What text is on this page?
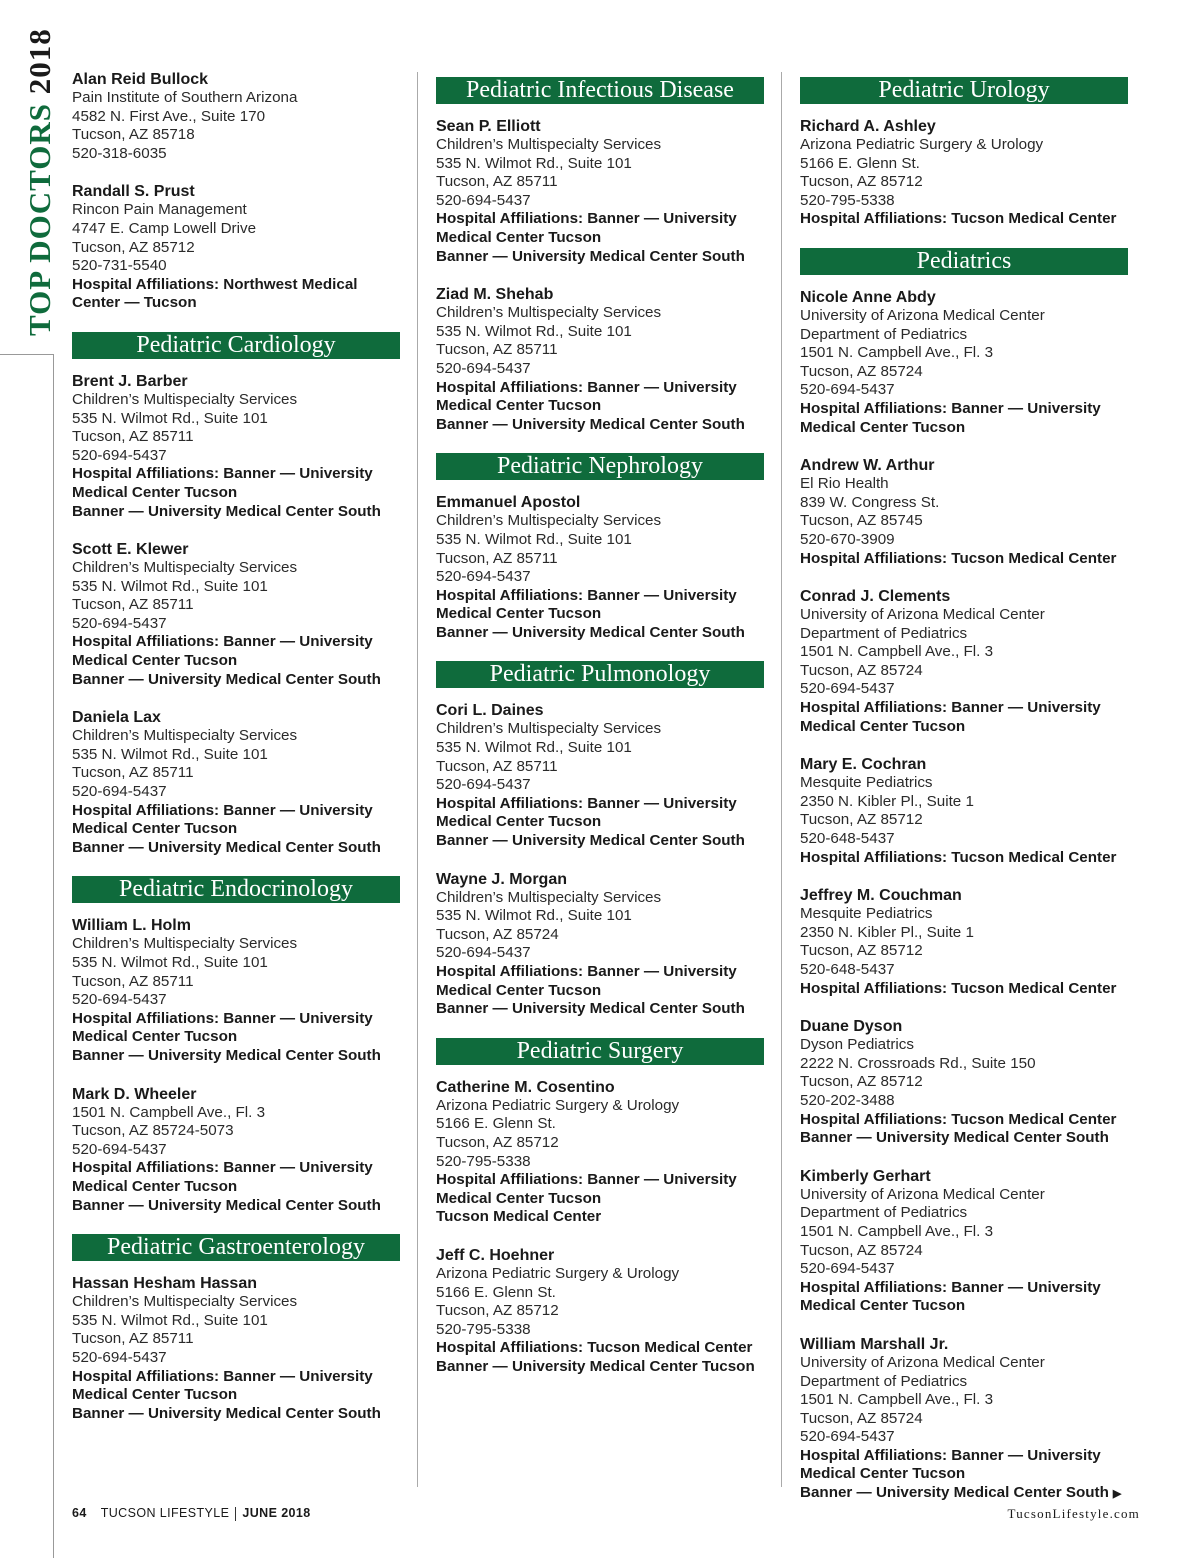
TOP DOCTORS 2018 Alan Reid Bullock
Pain Institute of Southern Arizona
4582 N. First Ave., Suite 170
Tucson, AZ 85718
520-318-6035
Randall S. Prust
Rincon Pain Management
4747 E. Camp Lowell Drive
Tucson, AZ 85712
520-731-5540
Hospital Affiliations: Northwest Medical
Center — Tucson
Pediatric Cardiology
Brent J. Barber
Children’s Multispecialty Services
535 N. Wilmot Rd., Suite 101
Tucson, AZ 85711
520-694-5437
Hospital Affiliations: Banner — University
Medical Center Tucson
Banner — University Medical Center South
Scott E. Klewer
Children’s Multispecialty Services
535 N. Wilmot Rd., Suite 101
Tucson, AZ 85711
520-694-5437
Hospital Affiliations: Banner — University
Medical Center Tucson
Banner — University Medical Center South
Daniela Lax
Children’s Multispecialty Services
535 N. Wilmot Rd., Suite 101
Tucson, AZ 85711
520-694-5437
Hospital Affiliations: Banner — University
Medical Center Tucson
Banner — University Medical Center South
Pediatric Endocrinology
William L. Holm
Children’s Multispecialty Services
535 N. Wilmot Rd., Suite 101
Tucson, AZ 85711
520-694-5437
Hospital Affiliations: Banner — University
Medical Center Tucson
Banner — University Medical Center South
Mark D. Wheeler
1501 N. Campbell Ave., Fl. 3
Tucson, AZ 85724-5073
520-694-5437
Hospital Affiliations: Banner — University
Medical Center Tucson
Banner — University Medical Center South
Pediatric Gastroenterology
Hassan Hesham Hassan
Children’s Multispecialty Services
535 N. Wilmot Rd., Suite 101
Tucson, AZ 85711
520-694-5437
Hospital Affiliations: Banner — University
Medical Center Tucson
Banner — University Medical Center South
Pediatric Infectious Disease
Sean P. Elliott
Children’s Multispecialty Services
535 N. Wilmot Rd., Suite 101
Tucson, AZ 85711
520-694-5437
Hospital Affiliations: Banner — University
Medical Center Tucson
Banner — University Medical Center South
Ziad M. Shehab
Children’s Multispecialty Services
535 N. Wilmot Rd., Suite 101
Tucson, AZ 85711
520-694-5437
Hospital Affiliations: Banner — University
Medical Center Tucson
Banner — University Medical Center South
Pediatric Nephrology
Emmanuel Apostol
Children’s Multispecialty Services
535 N. Wilmot Rd., Suite 101
Tucson, AZ 85711
520-694-5437
Hospital Affiliations: Banner — University
Medical Center Tucson
Banner — University Medical Center South
Pediatric Pulmonology
Cori L. Daines
Children’s Multispecialty Services
535 N. Wilmot Rd., Suite 101
Tucson, AZ 85711
520-694-5437
Hospital Affiliations: Banner — University
Medical Center Tucson
Banner — University Medical Center South
Wayne J. Morgan
Children’s Multispecialty Services
535 N. Wilmot Rd., Suite 101
Tucson, AZ 85724
520-694-5437
Hospital Affiliations: Banner — University
Medical Center Tucson
Banner — University Medical Center South
Pediatric Surgery
Catherine M. Cosentino
Arizona Pediatric Surgery & Urology
5166 E. Glenn St.
Tucson, AZ 85712
520-795-5338
Hospital Affiliations: Banner — University
Medical Center Tucson
Tucson Medical Center
Jeff C. Hoehner
Arizona Pediatric Surgery & Urology
5166 E. Glenn St.
Tucson, AZ 85712
520-795-5338
Hospital Affiliations: Tucson Medical Center
Banner — University Medical Center Tucson
Pediatric Urology
Richard A. Ashley
Arizona Pediatric Surgery & Urology
5166 E. Glenn St.
Tucson, AZ 85712
520-795-5338
Hospital Affiliations: Tucson Medical Center
Pediatrics
Nicole Anne Abdy
University of Arizona Medical Center
Department of Pediatrics
1501 N. Campbell Ave., Fl. 3
Tucson, AZ 85724
520-694-5437
Hospital Affiliations: Banner — University
Medical Center Tucson
Andrew W. Arthur
El Rio Health
839 W. Congress St.
Tucson, AZ 85745
520-670-3909
Hospital Affiliations: Tucson Medical Center
Conrad J. Clements
University of Arizona Medical Center
Department of Pediatrics
1501 N. Campbell Ave., Fl. 3
Tucson, AZ 85724
520-694-5437
Hospital Affiliations: Banner — University
Medical Center Tucson
Mary E. Cochran
Mesquite Pediatrics
2350 N. Kibler Pl., Suite 1
Tucson, AZ 85712
520-648-5437
Hospital Affiliations: Tucson Medical Center
Jeffrey M. Couchman
Mesquite Pediatrics
2350 N. Kibler Pl., Suite 1
Tucson, AZ 85712
520-648-5437
Hospital Affiliations: Tucson Medical Center
Duane Dyson
Dyson Pediatrics
2222 N. Crossroads Rd., Suite 150
Tucson, AZ 85712
520-202-3488
Hospital Affiliations: Tucson Medical Center
Banner — University Medical Center South
Kimberly Gerhart
University of Arizona Medical Center
Department of Pediatrics
1501 N. Campbell Ave., Fl. 3
Tucson, AZ 85724
520-694-5437
Hospital Affiliations: Banner — University
Medical Center Tucson
William Marshall Jr.
University of Arizona Medical Center
Department of Pediatrics
1501 N. Campbell Ave., Fl. 3
Tucson, AZ 85724
520-694-5437
Hospital Affiliations: Banner — University
Medical Center Tucson
Banner — University Medical Center South ▶
64 TUCSON LIFESTYLE JUNE 2018	TucsonLifestyle.com
